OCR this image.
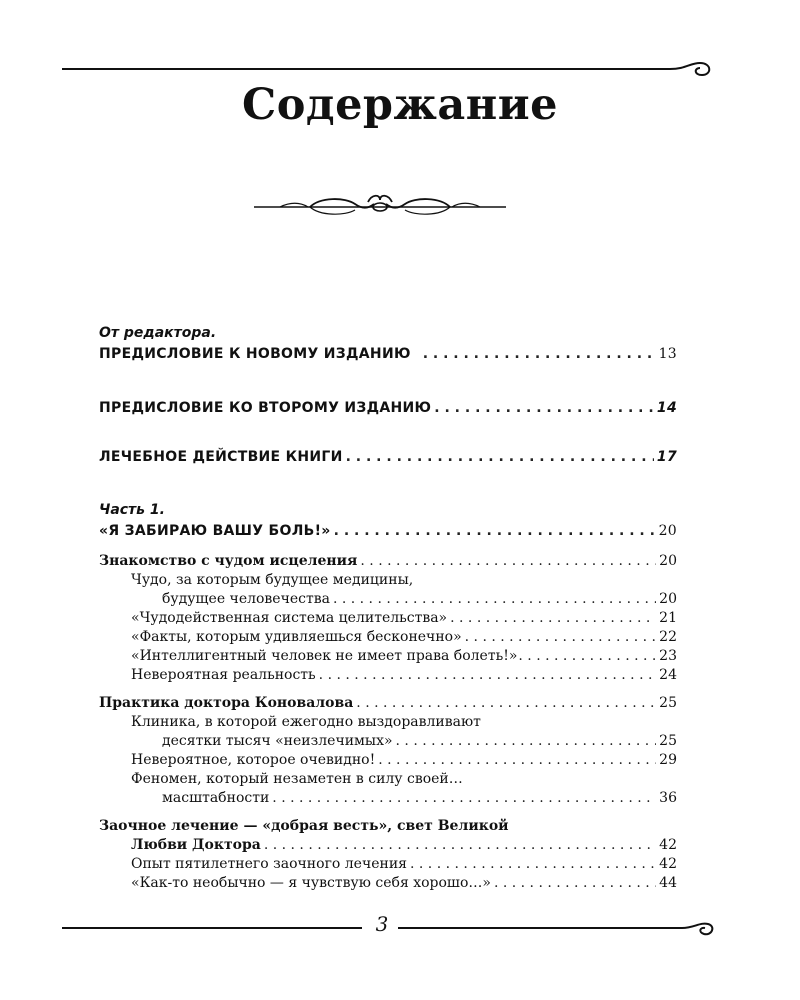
Содержание
От редактора.
ПРЕДИСЛОВИЕ К НОВОМУ ИЗДАНИЮ . . .	13
ПРЕДИСЛОВИЕ КО ВТОРОМУ ИЗДАНИЮ . . .	14
ЛЕЧЕБНОЕ ДЕЙСТВИЕ КНИГИ . . .	17
Часть 1.
«Я ЗАБИРАЮ ВАШУ БОЛЬ!» . . .	20
Знакомство с чудом исцеления . . .	20
Чудо, за которым будущее медицины,
будущее человечества . . .	20
«Чудодейственная система целительства» . . .	21
«Факты, которым удивляешься бесконечно» . . .	22
«Интеллигентный человек не имеет права болеть!» . . .	23
Невероятная реальность . . .	24
Практика доктора Коновалова . . .	25
Клиника, в которой ежегодно выздоравливают
десятки тысяч «неизлечимых» . . .	25
Невероятное, которое очевидно! . . .	29
Феномен, который незаметен в силу своей…
масштабности . . .	36
Заочное лечение — «добрая весть», свет Великой
Любви Доктора . . .	42
Опыт пятилетнего заочного лечения . . .	42
«Как-то необычно — я чувствую себя хорошо…» . . .	44
3
